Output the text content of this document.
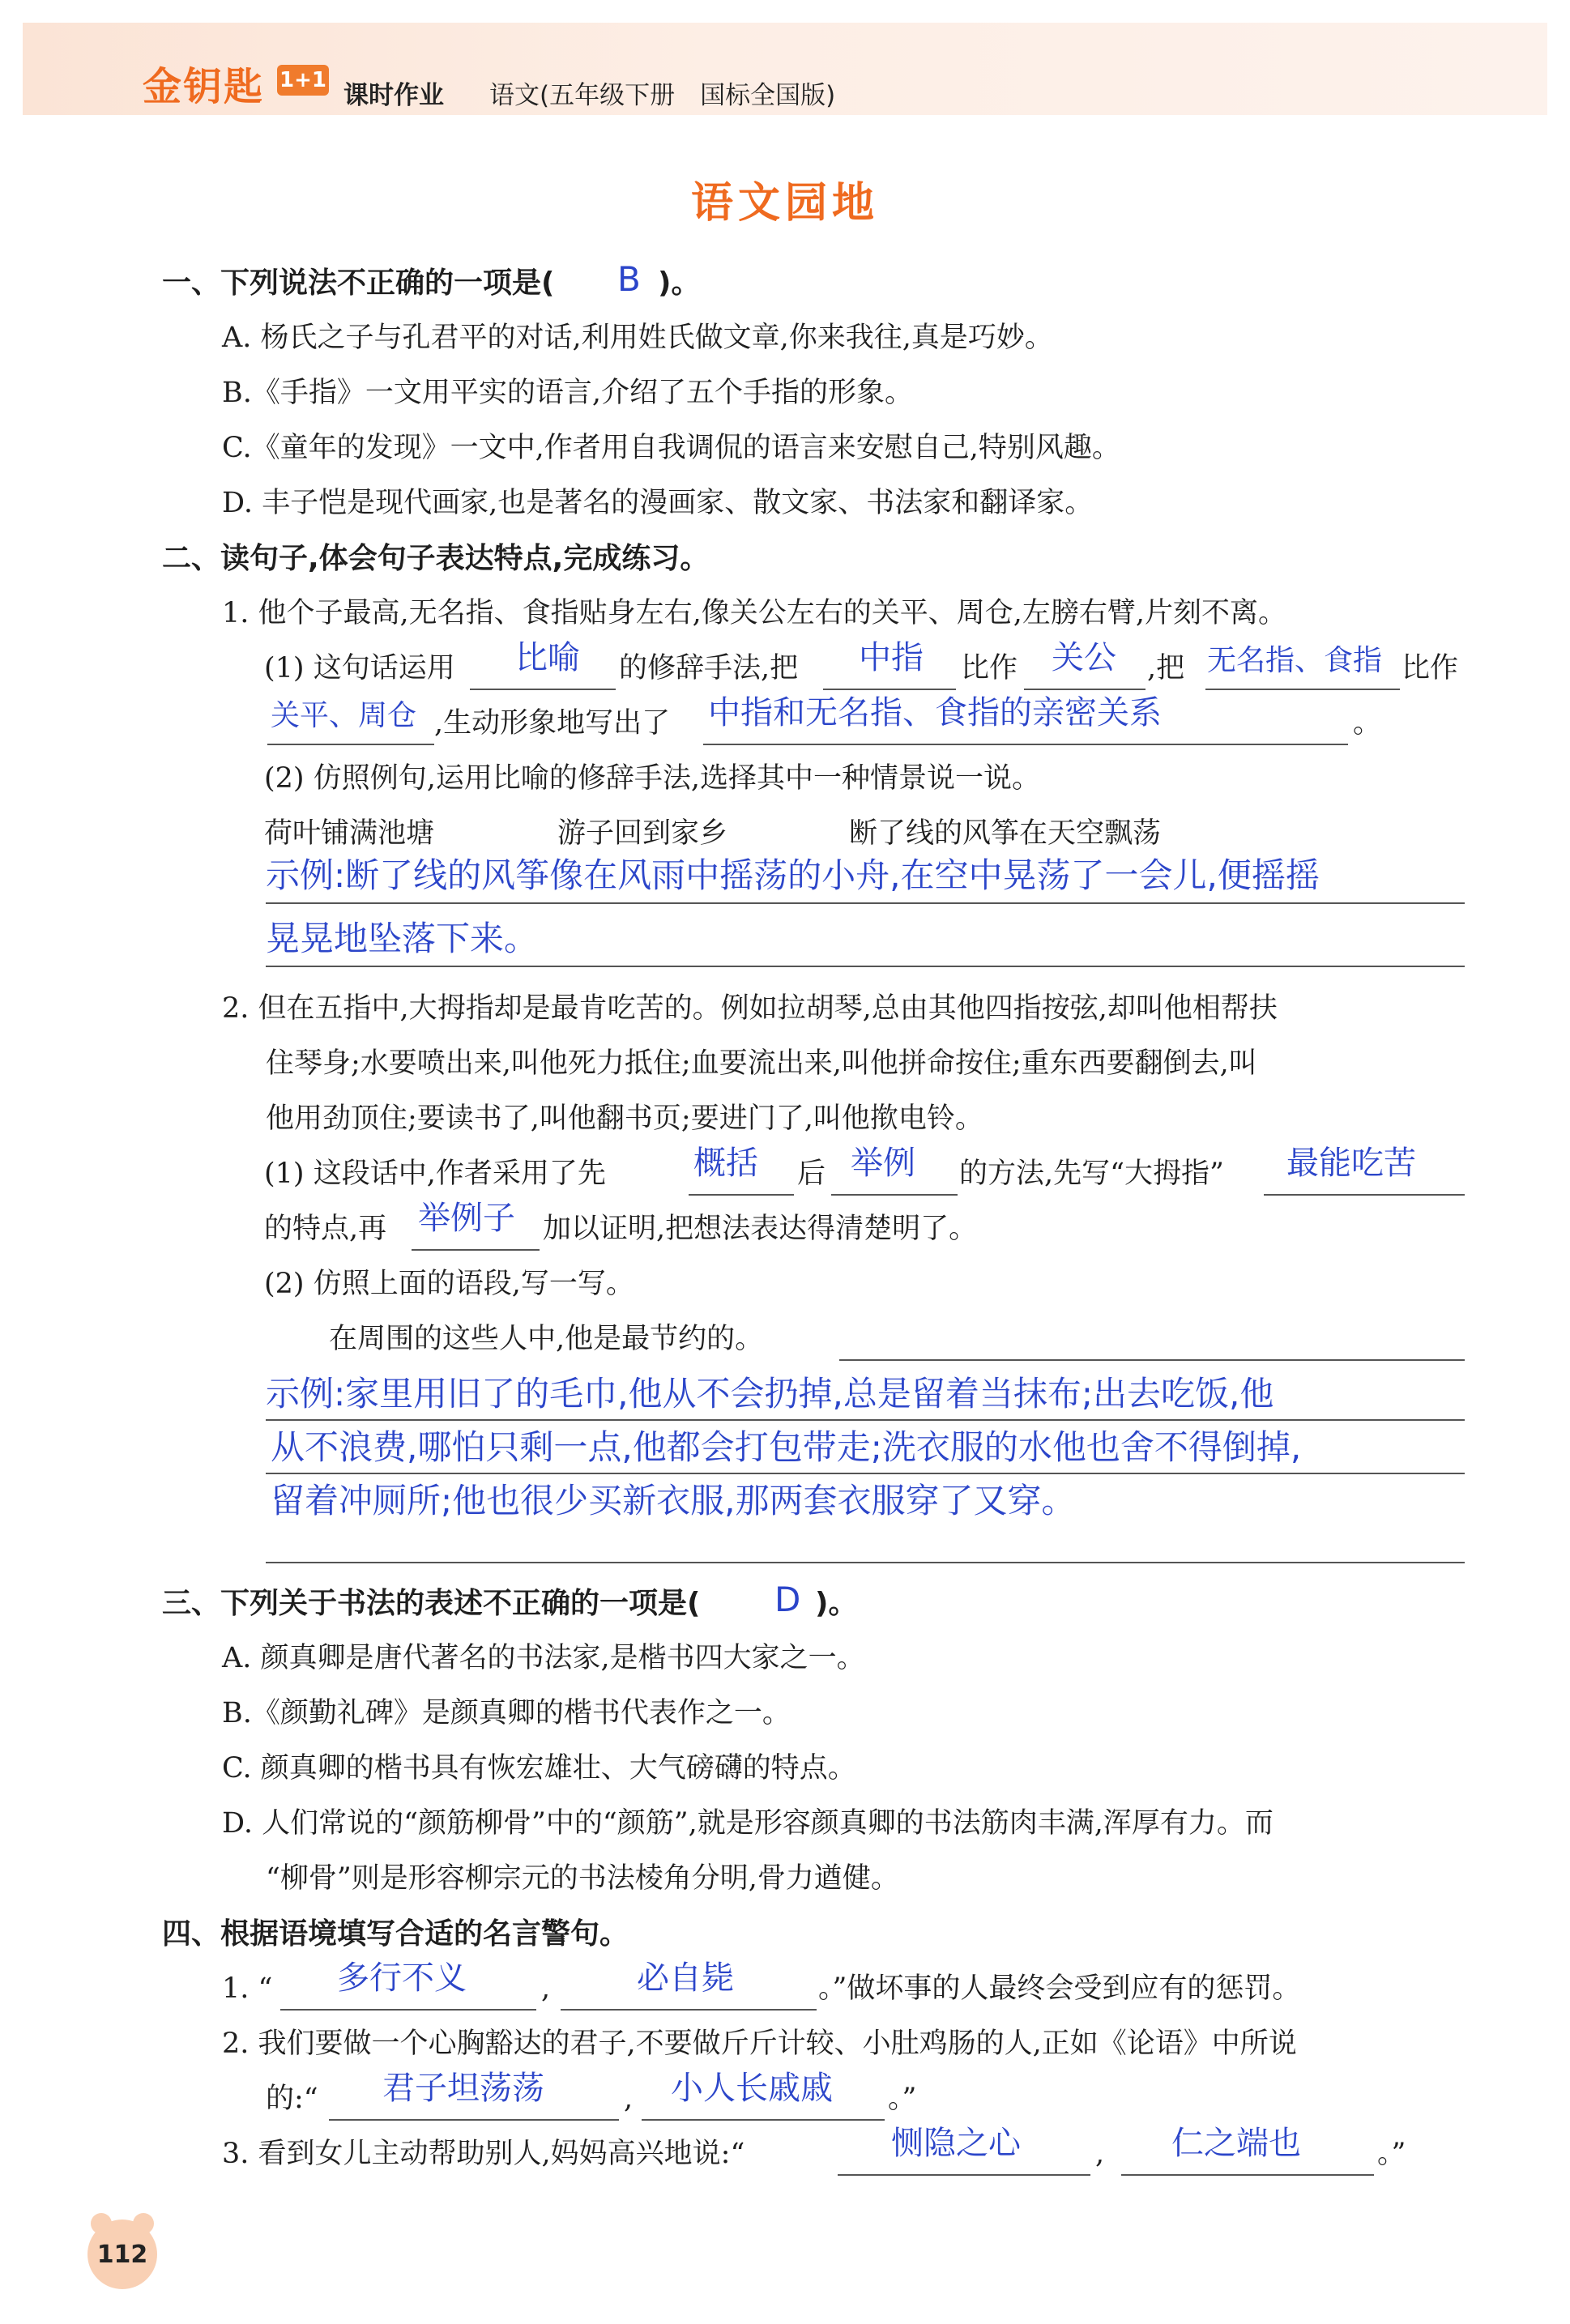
金钥匙 1+1
课时作业 语文(五年级下册　国标全国版)
语文园地
一、下列说法不正确的一项是( B )。
A. 杨氏之子与孔君平的对话,利用姓氏做文章,你来我往,真是巧妙。
B.《手指》一文用平实的语言,介绍了五个手指的形象。
C.《童年的发现》一文中,作者用自我调侃的语言来安慰自己,特别风趣。
D. 丰子恺是现代画家,也是著名的漫画家、散文家、书法家和翻译家。
二、读句子,体会句子表达特点,完成练习。
1. 他个子最高,无名指、食指贴身左右,像关公左右的关平、周仓,左膀右臂,片刻不离。
(1) 这句话运用 比喻 的修辞手法,把 中指 比作 关公 ,把 无名指、食指 比作
关平、周仓 ,生动形象地写出了 中指和无名指、食指的亲密关系	。
(2) 仿照例句,运用比喻的修辞手法,选择其中一种情景说一说。
荷叶铺满池塘	游子回到家乡	断了线的风筝在天空飘荡
示例:断了线的风筝像在风雨中摇荡的小舟,在空中晃荡了一会儿,便摇摇
晃晃地坠落下来。
2. 但在五指中,大拇指却是最肯吃苦的。例如拉胡琴,总由其他四指按弦,却叫他相帮扶
住琴身;水要喷出来,叫他死力抵住;血要流出来,叫他拼命按住;重东西要翻倒去,叫
他用劲顶住;要读书了,叫他翻书页;要进门了,叫他揿电铃。
(1) 这段话中,作者采用了先	概括 后 举例 的方法,先写“大拇指” 最能吃苦
的特点,再 举例子 加以证明,把想法表达得清楚明了。
(2) 仿照上面的语段,写一写。
在周围的这些人中,他是最节约的。
示例:家里用旧了的毛巾,他从不会扔掉,总是留着当抹布;出去吃饭,他
从不浪费,哪怕只剩一点,他都会打包带走;洗衣服的水他也舍不得倒掉,
留着冲厕所;他也很少买新衣服,那两套衣服穿了又穿。
三、下列关于书法的表述不正确的一项是( D )。
A. 颜真卿是唐代著名的书法家,是楷书四大家之一。
B.《颜勤礼碑》是颜真卿的楷书代表作之一。
C. 颜真卿的楷书具有恢宏雄壮、大气磅礴的特点。
D. 人们常说的“颜筋柳骨”中的“颜筋”,就是形容颜真卿的书法筋肉丰满,浑厚有力。而
“柳骨”则是形容柳宗元的书法棱角分明,骨力遒健。
四、根据语境填写合适的名言警句。
1. “ 多行不义	,	必自毙	。”做坏事的人最终会受到应有的惩罚。
2. 我们要做一个心胸豁达的君子,不要做斤斤计较、小肚鸡肠的人,正如《论语》中所说
的:“ 君子坦荡荡	, 小人长戚戚 。”
3. 看到女儿主动帮助别人,妈妈高兴地说:“	恻隐之心	, 仁之端也	。”
112
